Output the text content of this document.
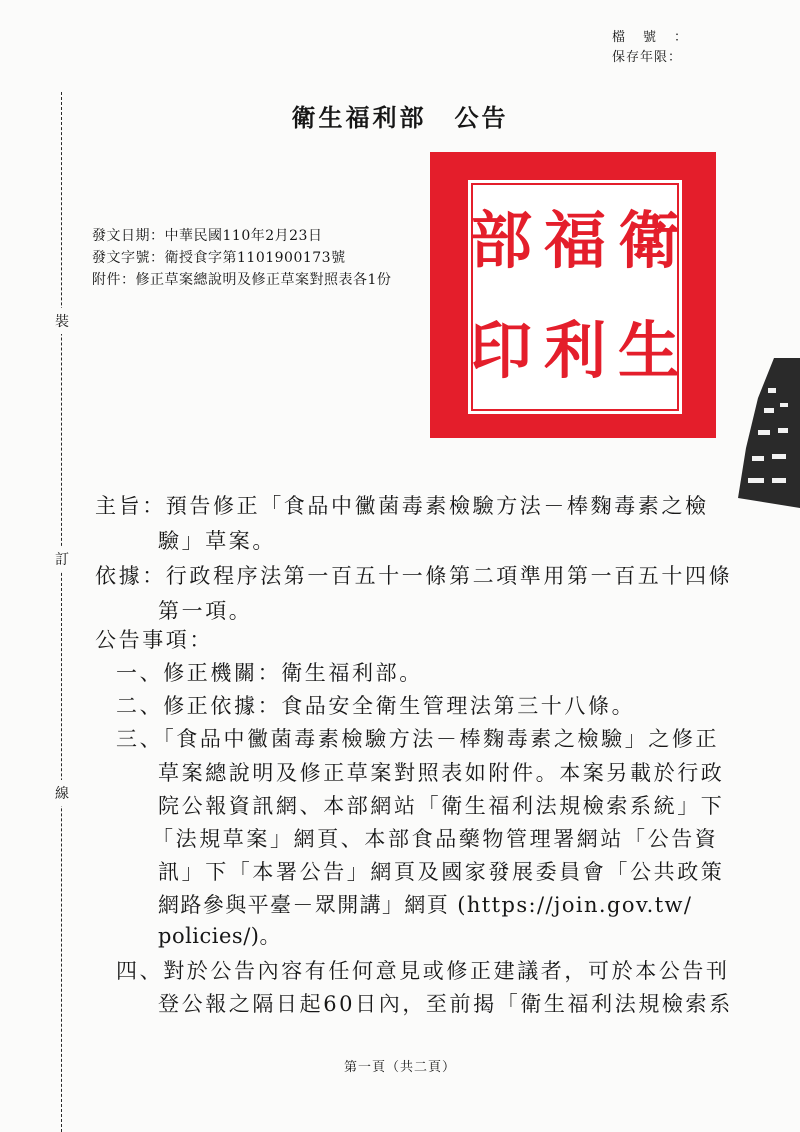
檔號：
保存年限：
裝
訂
線
衛生福利部 公告
發文日期：中華民國110年2月23日
發文字號：衛授食字第1101900173號
附件：修正草案總說明及修正草案對照表各1份
衛
生
福
利
部
印
主旨：預告修正「食品中黴菌毒素檢驗方法－棒麴毒素之檢
驗」草案。
依據：行政程序法第一百五十一條第二項準用第一百五十四條
第一項。
公告事項：
一、修正機關：衛生福利部。
二、修正依據：食品安全衛生管理法第三十八條。
三、「食品中黴菌毒素檢驗方法－棒麴毒素之檢驗」之修正
草案總說明及修正草案對照表如附件。本案另載於行政
院公報資訊網、本部網站「衛生福利法規檢索系統」下
「法規草案」網頁、本部食品藥物管理署網站「公告資
訊」下「本署公告」網頁及國家發展委員會「公共政策
網路參與平臺－眾開講」網頁 (https://join.gov.tw/
policies/)。
四、對於公告內容有任何意見或修正建議者，可於本公告刊
登公報之隔日起60日內，至前揭「衛生福利法規檢索系
第一頁（共二頁）
